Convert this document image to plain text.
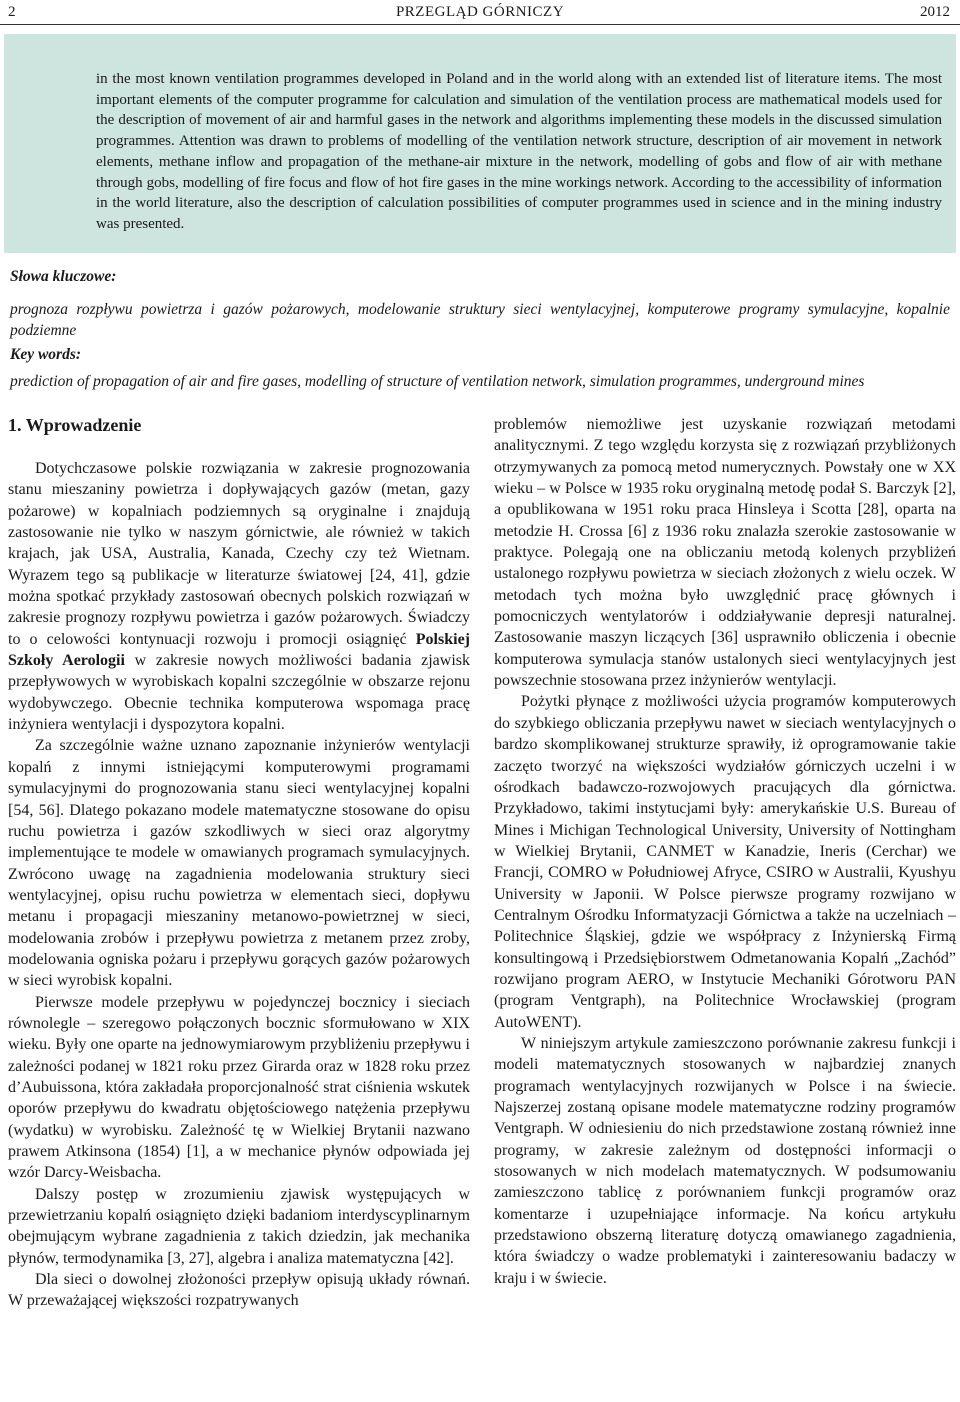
2	PRZEGLĄD GÓRNICZY	2012
in the most known ventilation programmes developed in Poland and in the world along with an extended list of literature items. The most important elements of the computer programme for calculation and simulation of the ventilation process are mathematical models used for the description of movement of air and harmful gases in the network and algorithms implementing these models in the discussed simulation programmes. Attention was drawn to problems of modelling of the ventilation network structure, description of air movement in network elements, methane inflow and propagation of the methane-air mixture in the network, modelling of gobs and flow of air with methane through gobs, modelling of fire focus and flow of hot fire gases in the mine workings network. According to the accessibility of information in the world literature, also the description of calculation possibilities of computer programmes used in science and in the mining industry was presented.
Słowa kluczowe:
prognoza rozpływu powietrza i gazów pożarowych, modelowanie struktury sieci wentylacyjnej, komputerowe programy symulacyjne, kopalnie podziemne
Key words:
prediction of propagation of air and fire gases, modelling of structure of ventilation network, simulation programmes, underground mines
1. Wprowadzenie

Dotychczasowe polskie rozwiązania w zakresie prognozowania stanu mieszaniny powietrza i dopływających gazów (metan, gazy pożarowe) w kopalniach podziemnych są oryginalne i znajdują zastosowanie nie tylko w naszym górnictwie, ale również w takich krajach, jak USA, Australia, Kanada, Czechy czy też Wietnam. Wyrazem tego są publikacje w literaturze światowej [24, 41], gdzie można spotkać przykłady zastosowań obecnych polskich rozwiązań w zakresie prognozy rozpływu powietrza i gazów pożarowych. Świadczy to o celowości kontynuacji rozwoju i promocji osiągnięć Polskiej Szkoły Aerologii w zakresie nowych możliwości badania zjawisk przepływowych w wyrobiskach kopalni szczególnie w obszarze rejonu wydobywczego. Obecnie technika komputerowa wspomaga pracę inżyniera wentylacji i dyspozytora kopalni.

Za szczególnie ważne uznano zapoznanie inżynierów wentylacji kopalń z innymi istniejącymi komputerowymi programami symulacyjnymi do prognozowania stanu sieci wentylacyjnej kopalni [54, 56]. Dlatego pokazano modele matematyczne stosowane do opisu ruchu powietrza i gazów szkodliwych w sieci oraz algorytmy implementujące te modele w omawianych programach symulacyjnych. Zwrócono uwagę na zagadnienia modelowania struktury sieci wentylacyjnej, opisu ruchu powietrza w elementach sieci, dopływu metanu i propagacji mieszaniny metanowo-powietrznej w sieci, modelowania zrobów i przepływu powietrza z metanem przez zroby, modelowania ogniska pożaru i przepływu gorących gazów pożarowych w sieci wyrobisk kopalni.

Pierwsze modele przepływu w pojedynczej bocznicy i sieciach równolegle – szeregowo połączonych bocznic sformułowano w XIX wieku. Były one oparte na jednowymiarowym przybliżeniu przepływu i zależności podanej w 1821 roku przez Girarda oraz w 1828 roku przez d’Aubuissona, która zakładała proporcjonalność strat ciśnienia wskutek oporów przepływu do kwadratu objętościowego natężenia przepływu (wydatku) w wyrobisku. Zależność tę w Wielkiej Brytanii nazwano prawem Atkinsona (1854) [1], a w mechanice płynów odpowiada jej wzór Darcy-Weisbacha.

Dalszy postęp w zrozumieniu zjawisk występujących w przewietrzaniu kopalń osiągnięto dzięki badaniom interdyscyplinarnym obejmującym wybrane zagadnienia z takich dziedzin, jak mechanika płynów, termodynamika [3, 27], algebra i analiza matematyczna [42].

Dla sieci o dowolnej złożoności przepływ opisują układy równań. W przeważającej większości rozpatrywanych

problemów niemożliwe jest uzyskanie rozwiązań metodami analitycznymi. Z tego względu korzysta się z rozwiązań przybliżonych otrzymywanych za pomocą metod numerycznych. Powstały one w XX wieku – w Polsce w 1935 roku oryginalną metodę podał S. Barczyk [2], a opublikowana w 1951 roku praca Hinsleya i Scotta [28], oparta na metodzie H. Crossa [6] z 1936 roku znalazła szerokie zastosowanie w praktyce. Polegają one na obliczaniu metodą kolenych przybliżeń ustalonego rozpływu powietrza w sieciach złożonych z wielu oczek. W metodach tych można było uwzględnić pracę głównych i pomocniczych wentylatorów i oddziaływanie depresji naturalnej. Zastosowanie maszyn liczących [36] usprawniło obliczenia i obecnie komputerowa symulacja stanów ustalonych sieci wentylacyjnych jest powszechnie stosowana przez inżynierów wentylacji.

Pożytki płynące z możliwości użycia programów komputerowych do szybkiego obliczania przepływu nawet w sieciach wentylacyjnych o bardzo skomplikowanej strukturze sprawiły, iż oprogramowanie takie zaczęto tworzyć na większości wydziałów górniczych uczelni i w ośrodkach badawczo-rozwojowych pracujących dla górnictwa. Przykładowo, takimi instytucjami były: amerykańskie U.S. Bureau of Mines i Michigan Technological University, University of Nottingham w Wielkiej Brytanii, CANMET w Kanadzie, Ineris (Cerchar) we Francji, COMRO w Południowej Afryce, CSIRO w Australii, Kyushyu University w Japonii. W Polsce pierwsze programy rozwijano w Centralnym Ośrodku Informatyzacji Górnictwa a także na uczelniach – Politechnice Śląskiej, gdzie we współpracy z Inżynierską Firmą konsultingową i Przedsiębiorstwem Odmetanowania Kopalń „Zachód” rozwijano program AERO, w Instytucie Mechaniki Górotworu PAN (program Ventgraph), na Politechnice Wrocławskiej (program AutoWENT).

W niniejszym artykule zamieszczono porównanie zakresu funkcji i modeli matematycznych stosowanych w najbardziej znanych programach wentylacyjnych rozwijanych w Polsce i na świecie. Najszerzej zostaną opisane modele matematyczne rodziny programów Ventgraph. W odniesieniu do nich przedstawione zostaną również inne programy, w zakresie zależnym od dostępności informacji o stosowanych w nich modelach matematycznych. W podsumowaniu zamieszczono tablicę z porównaniem funkcji programów oraz komentarze i uzupełniające informacje. Na końcu artykułu przedstawiono obszerną literaturę dotyczą omawianego zagadnienia, która świadczy o wadze problematyki i zainteresowaniu badaczy w kraju i w świecie.
